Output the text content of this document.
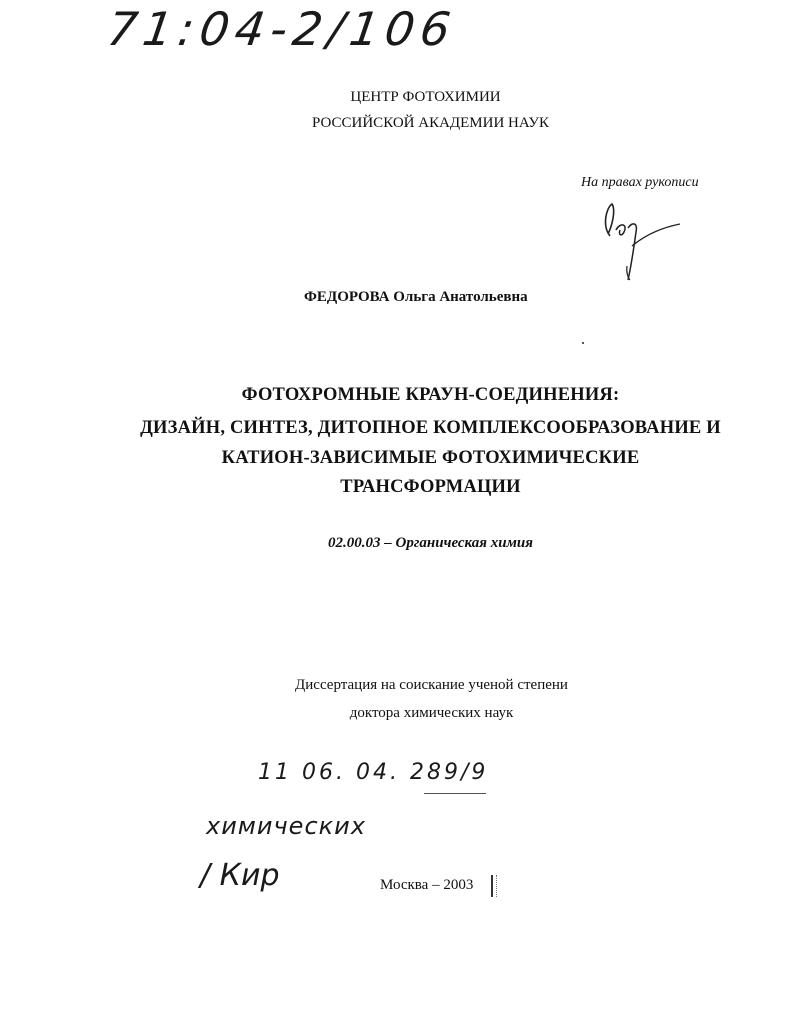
71:04-2/106
ЦЕНТР ФОТОХИМИИ
РОССИЙСКОЙ АКАДЕМИИ НАУК
На правах рукописи
ФЕДОРОВА Ольга Анатольевна
ФОТОХРОМНЫЕ КРАУН-СОЕДИНЕНИЯ:
ДИЗАЙН, СИНТЕЗ, ДИТОПНОЕ КОМПЛЕКСООБРАЗОВАНИЕ И
КАТИОН-ЗАВИСИМЫЕ ФОТОХИМИЧЕСКИЕ
ТРАНСФОРМАЦИИ
02.00.03 – Органическая химия
Диссертация на соискание ученой степени
доктора химических наук
11 06. 04. 289/9
химических
/ Кир	Москва – 2003
